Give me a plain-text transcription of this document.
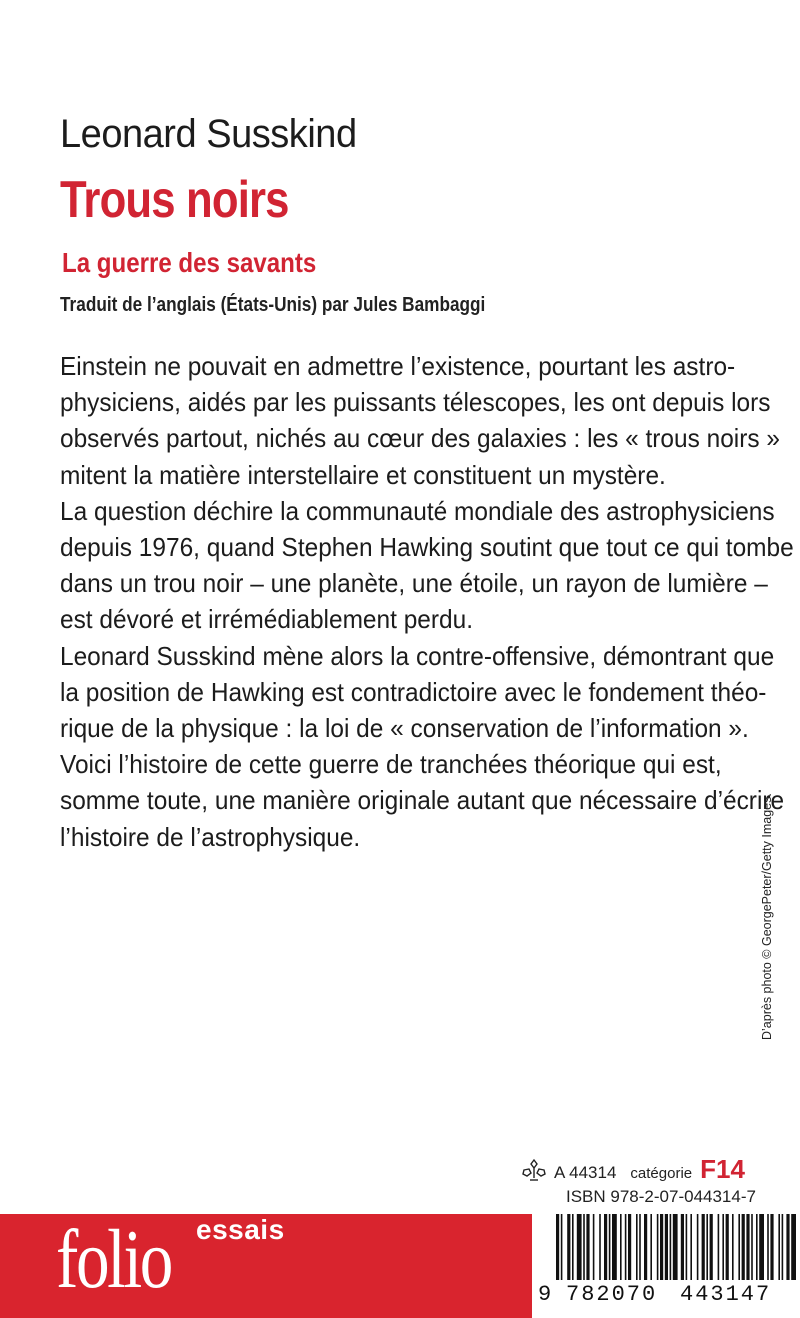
Leonard Susskind
Trous noirs
La guerre des savants
Traduit de l’anglais (États-Unis) par Jules Bambaggi

Einstein ne pouvait en admettre l’existence, pourtant les astro-
physiciens, aidés par les puissants télescopes, les ont depuis lors
observés partout, nichés au cœur des galaxies : les « trous noirs »
mitent la matière interstellaire et constituent un mystère.

La question déchire la communauté mondiale des astrophysiciens
depuis 1976, quand Stephen Hawking soutint que tout ce qui tombe
dans un trou noir – une planète, une étoile, un rayon de lumière –
est dévoré et irrémédiablement perdu.

Leonard Susskind mène alors la contre-offensive, démontrant que
la position de Hawking est contradictoire avec le fondement théo-
rique de la physique : la loi de « conservation de l’information ».

Voici l’histoire de cette guerre de tranchées théorique qui est,
somme toute, une manière originale autant que nécessaire d’écrire
l’histoire de l’astrophysique.	D’après photo © GeorgePeter/Getty Images.
A 44314 catégorie F14
ISBN 978-2-07-044314-7
folio essais
9 782070 443147
